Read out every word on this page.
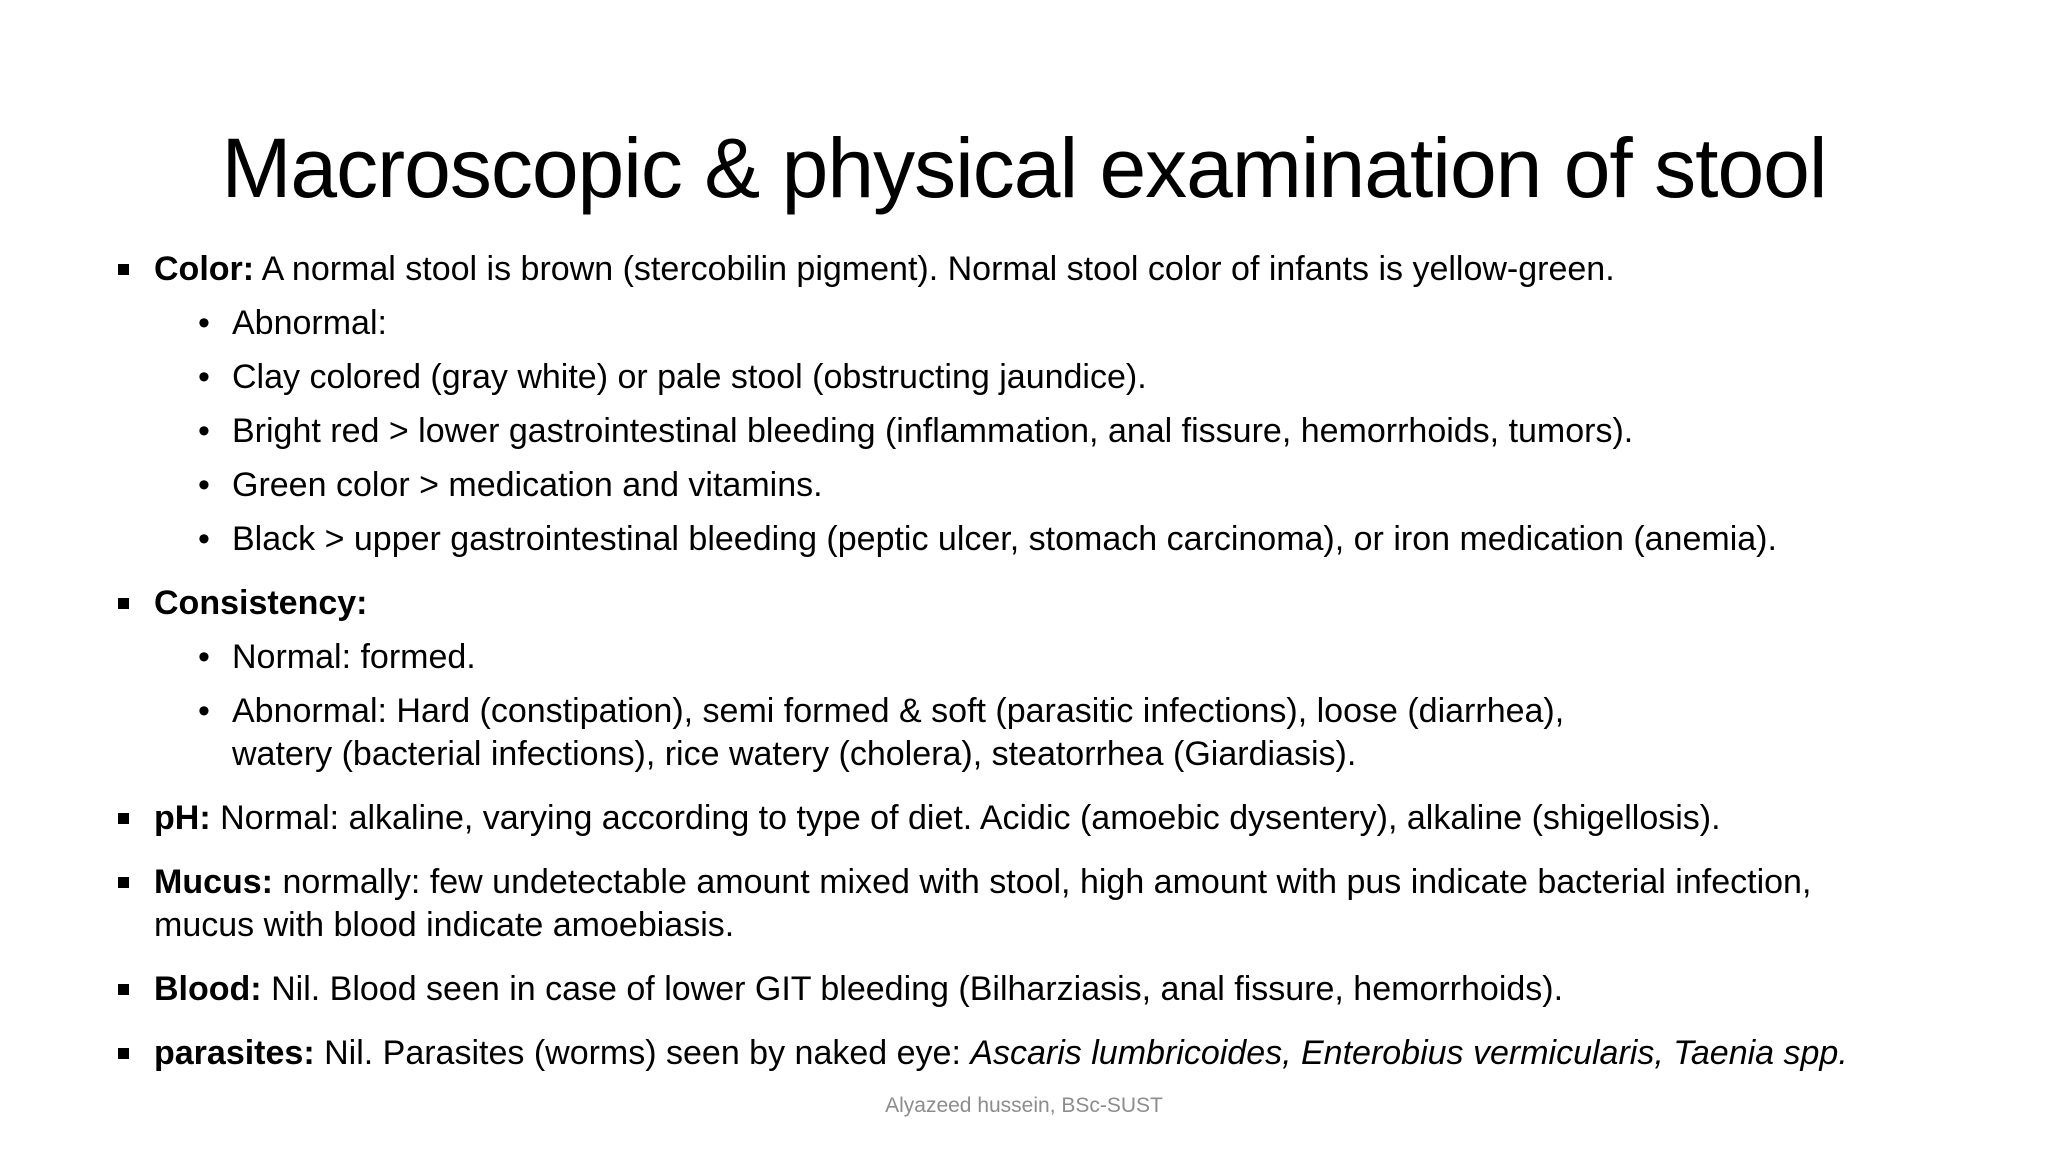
Macroscopic & physical examination of stool
Color: A normal stool is brown (stercobilin pigment). Normal stool color of infants is yellow-green.
• Abnormal:
• Clay colored (gray white) or pale stool (obstructing jaundice).
• Bright red > lower gastrointestinal bleeding (inflammation, anal fissure, hemorrhoids, tumors).
• Green color > medication and vitamins.
• Black > upper gastrointestinal bleeding (peptic ulcer, stomach carcinoma), or iron medication (anemia).
Consistency:
• Normal: formed.
• Abnormal: Hard (constipation), semi formed & soft (parasitic infections), loose (diarrhea),
watery (bacterial infections), rice watery (cholera), steatorrhea (Giardiasis).
pH: Normal: alkaline, varying according to type of diet. Acidic (amoebic dysentery), alkaline (shigellosis).
Mucus: normally: few undetectable amount mixed with stool, high amount with pus indicate bacterial infection, mucus with blood indicate amoebiasis.
Blood: Nil. Blood seen in case of lower GIT bleeding (Bilharziasis, anal fissure, hemorrhoids).
parasites: Nil. Parasites (worms) seen by naked eye: Ascaris lumbricoides, Enterobius vermicularis, Taenia spp.
Alyazeed hussein, BSc-SUST
